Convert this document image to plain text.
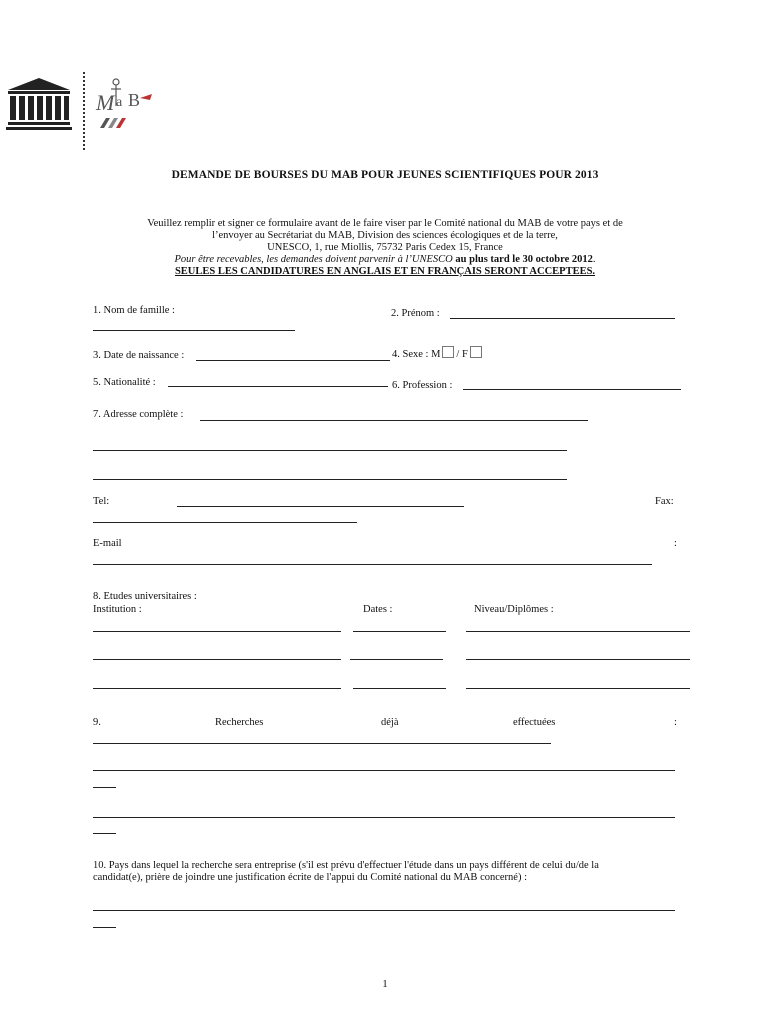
M a B
DEMANDE DE BOURSES DU MAB POUR JEUNES SCIENTIFIQUES POUR 2013
Veuillez remplir et signer ce formulaire avant de le faire viser par le Comité national du MAB de votre pays et de
l’envoyer au Secrétariat du MAB, Division des sciences écologiques et de la terre,
UNESCO, 1, rue Miollis, 75732 Paris Cedex 15, France
Pour être recevables, les demandes doivent parvenir à l’UNESCO au plus tard le 30 octobre 2012.
SEULES LES CANDIDATURES EN ANGLAIS ET EN FRANÇAIS SERONT ACCEPTEES.
1. Nom de famille :	2. Prénom :
3. Date de naissance :	4. Sexe : M / F
5. Nationalité :	6. Profession :
7. Adresse complète :
Tel:	Fax:
E-mail	:
8. Etudes universitaires :
Institution :	Dates :	Niveau/Diplômes :
9.	Recherches	déjà	effectuées	:
10. Pays dans lequel la recherche sera entreprise (s'il est prévu d'effectuer l'étude dans un pays différent de celui du/de la
candidat(e), prière de joindre une justification écrite de l'appui du Comité national du MAB concerné) :
1
